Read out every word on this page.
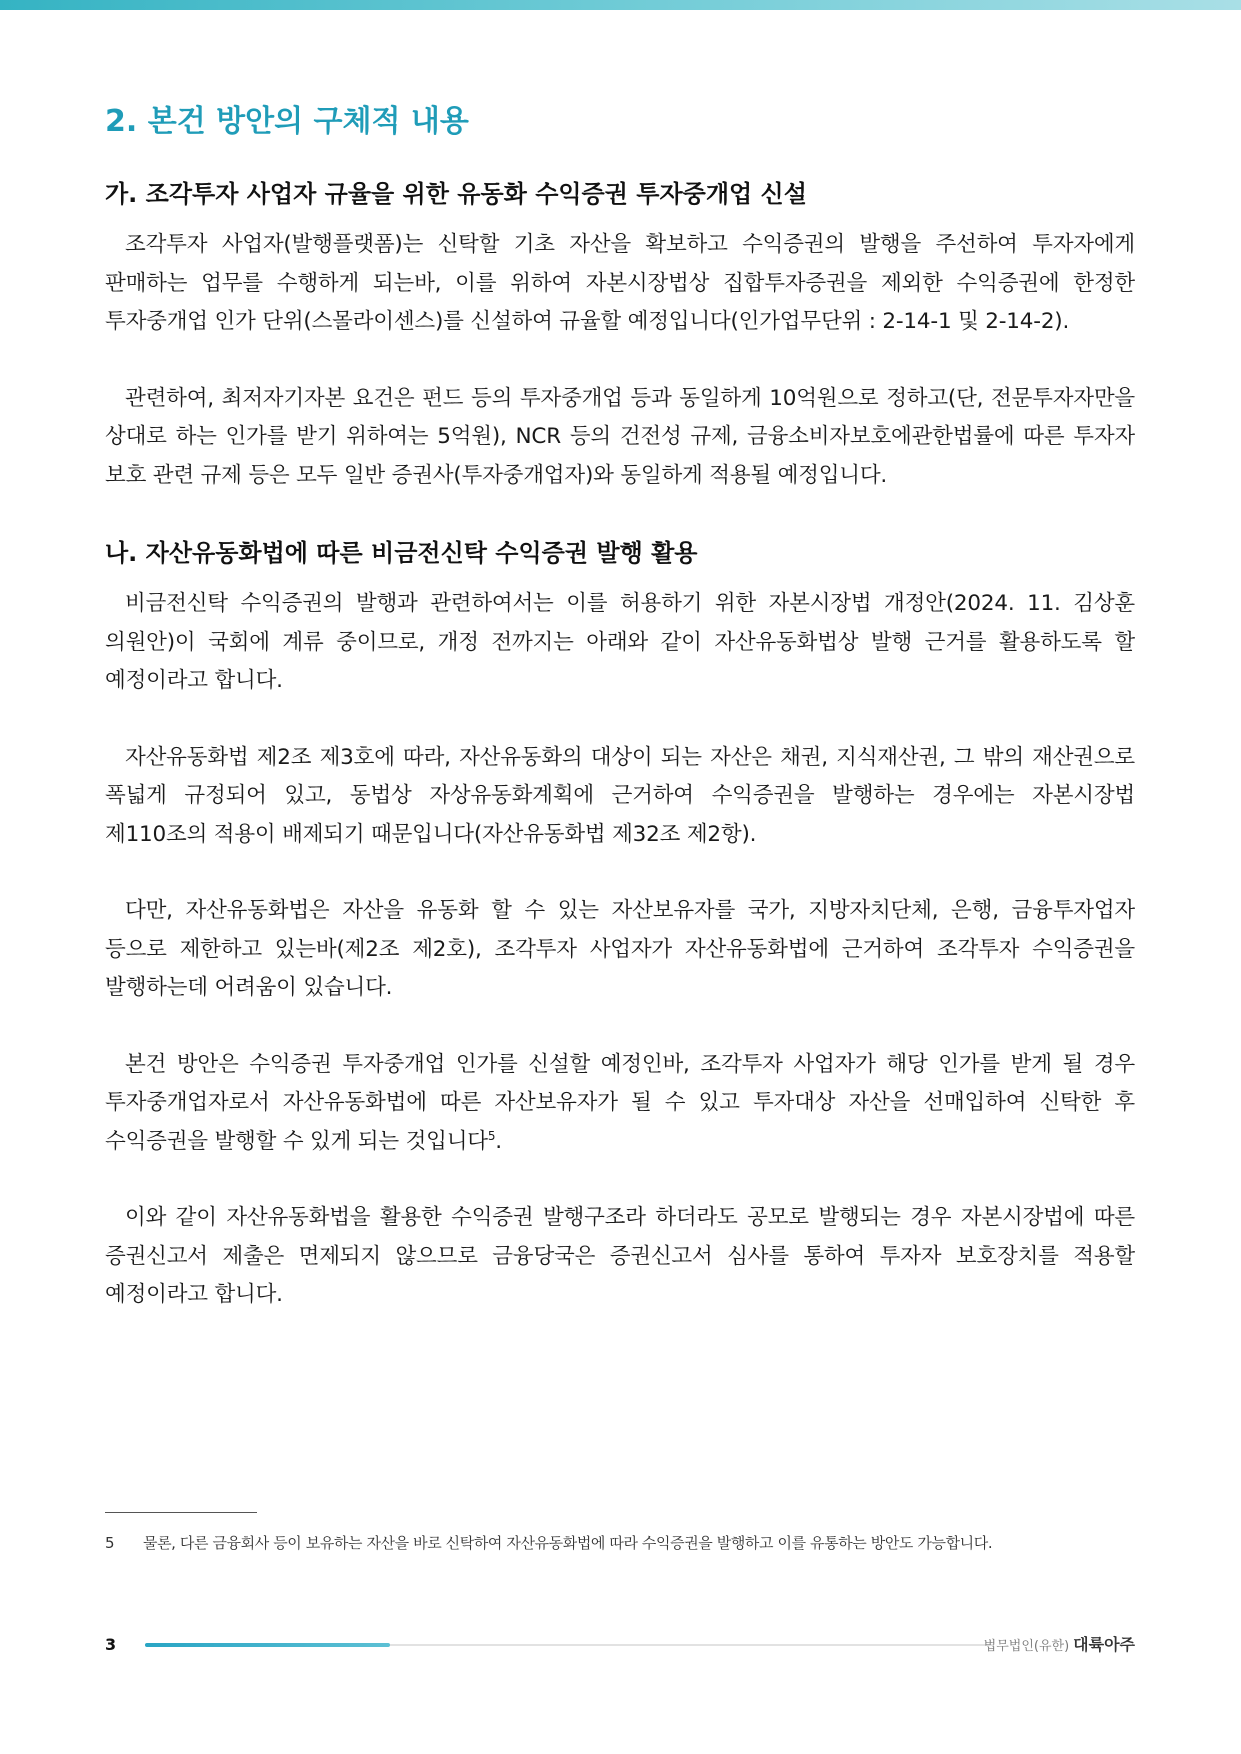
2. 본건 방안의 구체적 내용
가. 조각투자 사업자 규율을 위한 유동화 수익증권 투자중개업 신설

조각투자 사업자(발행플랫폼)는 신탁할 기초 자산을 확보하고 수익증권의 발행을 주선하여 투자자에게 판매하는 업무를 수행하게 되는바, 이를 위하여 자본시장법상 집합투자증권을 제외한 수익증권에 한정한 투자중개업 인가 단위(스몰라이센스)를 신설하여 규율할 예정입니다(인가업무단위 : 2-14-1 및 2-14-2).

관련하여, 최저자기자본 요건은 펀드 등의 투자중개업 등과 동일하게 10억원으로 정하고(단, 전문투자자만을 상대로 하는 인가를 받기 위하여는 5억원), NCR 등의 건전성 규제, 금융소비자보호에관한법률에 따른 투자자 보호 관련 규제 등은 모두 일반 증권사(투자중개업자)와 동일하게 적용될 예정입니다.

나. 자산유동화법에 따른 비금전신탁 수익증권 발행 활용

비금전신탁 수익증권의 발행과 관련하여서는 이를 허용하기 위한 자본시장법 개정안(2024. 11. 김상훈 의원안)이 국회에 계류 중이므로, 개정 전까지는 아래와 같이 자산유동화법상 발행 근거를 활용하도록 할 예정이라고 합니다.

자산유동화법 제2조 제3호에 따라, 자산유동화의 대상이 되는 자산은 채권, 지식재산권, 그 밖의 재산권으로 폭넓게 규정되어 있고, 동법상 자상유동화계획에 근거하여 수익증권을 발행하는 경우에는 자본시장법 제110조의 적용이 배제되기 때문입니다(자산유동화법 제32조 제2항).

다만, 자산유동화법은 자산을 유동화 할 수 있는 자산보유자를 국가, 지방자치단체, 은행, 금융투자업자 등으로 제한하고 있는바(제2조 제2호), 조각투자 사업자가 자산유동화법에 근거하여 조각투자 수익증권을 발행하는데 어려움이 있습니다.

본건 방안은 수익증권 투자중개업 인가를 신설할 예정인바, 조각투자 사업자가 해당 인가를 받게 될 경우 투자중개업자로서 자산유동화법에 따른 자산보유자가 될 수 있고 투자대상 자산을 선매입하여 신탁한 후 수익증권을 발행할 수 있게 되는 것입니다$^5$.

이와 같이 자산유동화법을 활용한 수익증권 발행구조라 하더라도 공모로 발행되는 경우 자본시장법에 따른 증권신고서 제출은 면제되지 않으므로 금융당국은 증권신고서 심사를 통하여 투자자 보호장치를 적용할 예정이라고 합니다.

5 물론, 다른 금융회사 등이 보유하는 자산을 바로 신탁하여 자산유동화법에 따라 수익증권을 발행하고 이를 유통하는 방안도 가능합니다.
3	법무법인(유한) 대륙아주
